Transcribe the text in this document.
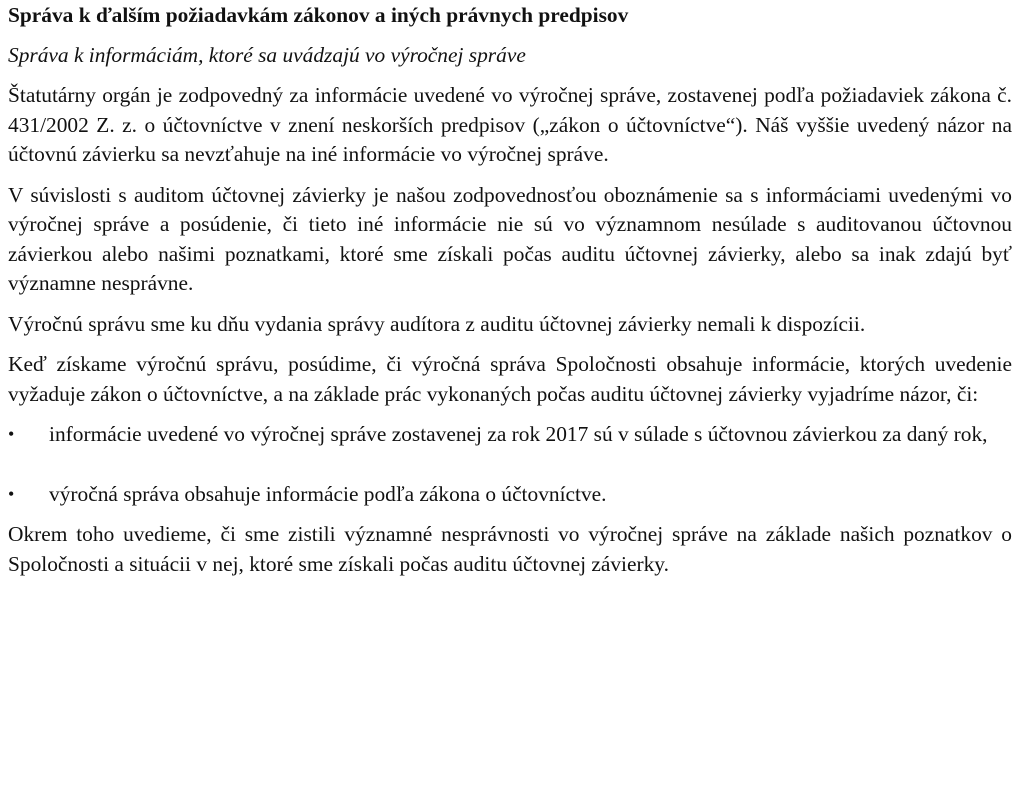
Správa k ďalším požiadavkám zákonov a iných právnych predpisov
Správa k informáciám, ktoré sa uvádzajú vo výročnej správe

Štatutárny orgán je zodpovedný za informácie uvedené vo výročnej správe, zostavenej podľa požiadaviek zákona č. 431/2002 Z. z. o účtovníctve v znení neskorších predpisov („zákon o účtovníctve“). Náš vyššie uvedený názor na účtovnú závierku sa nevzťahuje na iné informácie vo výročnej správe.

V súvislosti s auditom účtovnej závierky je našou zodpovednosťou oboznámenie sa s informáciami uvedenými vo výročnej správe a posúdenie, či tieto iné informácie nie sú vo významnom nesúlade s auditovanou účtovnou závierkou alebo našimi poznatkami, ktoré sme získali počas auditu účtovnej závierky, alebo sa inak zdajú byť významne nesprávne.

Výročnú správu sme ku dňu vydania správy audítora z auditu účtovnej závierky nemali k dispozícii.

Keď získame výročnú správu, posúdime, či výročná správa Spoločnosti obsahuje informácie, ktorých uvedenie vyžaduje zákon o účtovníctve, a na základe prác vykonaných počas auditu účtovnej závierky vyjadríme názor, či:

•	informácie uvedené vo výročnej správe zostavenej za rok 2017 sú v súlade s účtovnou závierkou za daný rok,
•	výročná správa obsahuje informácie podľa zákona o účtovníctve.

Okrem toho uvedieme, či sme zistili významné nesprávnosti vo výročnej správe na základe našich poznatkov o Spoločnosti a situácii v nej, ktoré sme získali počas auditu účtovnej závierky.
